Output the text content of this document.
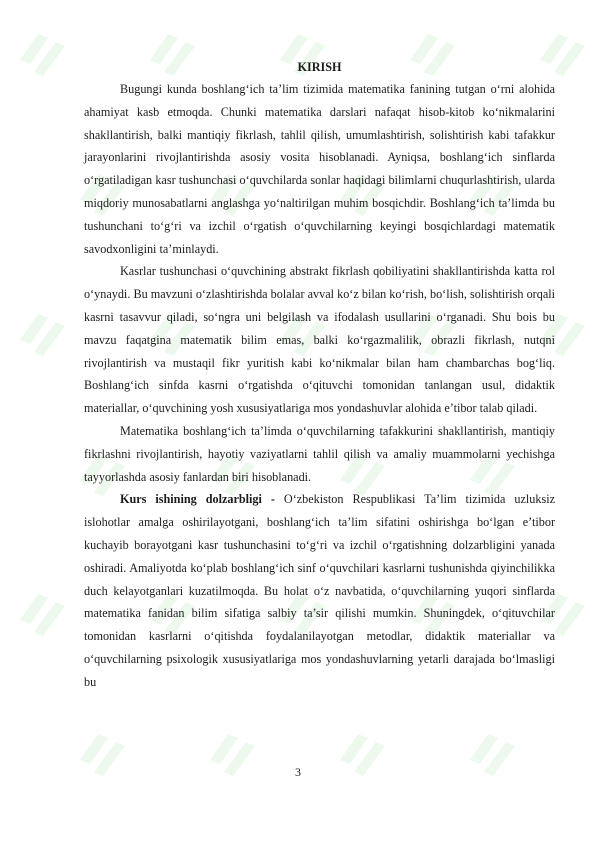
KIRISH

Bugungi kunda boshlang‘ich ta’lim tizimida matematika fanining tutgan o‘rni alohida ahamiyat kasb etmoqda. Chunki matematika darslari nafaqat hisob-kitob ko‘nikmalarini shakllantirish, balki mantiqiy fikrlash, tahlil qilish, umumlashtirish, solishtirish kabi tafakkur jarayonlarini rivojlantirishda asosiy vosita hisoblanadi. Ayniqsa, boshlang‘ich sinflarda o‘rgatiladigan kasr tushunchasi o‘quvchilarda sonlar haqidagi bilimlarni chuqurlashtirish, ularda miqdoriy munosabatlarni anglashga yo‘naltirilgan muhim bosqichdir. Boshlang‘ich ta’limda bu tushunchani to‘g‘ri va izchil o‘rgatish o‘quvchilarning keyingi bosqichlardagi matematik savodxonligini ta’minlaydi.

Kasrlar tushunchasi o‘quvchining abstrakt fikrlash qobiliyatini shakllantirishda katta rol o‘ynaydi. Bu mavzuni o‘zlashtirishda bolalar avval ko‘z bilan ko‘rish, bo‘lish, solishtirish orqali kasrni tasavvur qiladi, so‘ngra uni belgilash va ifodalash usullarini o‘rganadi. Shu bois bu mavzu faqatgina matematik bilim emas, balki ko‘rgazmalilik, obrazli fikrlash, nutqni rivojlantirish va mustaqil fikr yuritish kabi ko‘nikmalar bilan ham chambarchas bog‘liq. Boshlang‘ich sinfda kasrni o‘rgatishda o‘qituvchi tomonidan tanlangan usul, didaktik materiallar, o‘quvchining yosh xususiyatlariga mos yondashuvlar alohida e’tibor talab qiladi.

Matematika boshlang‘ich ta’limda o‘quvchilarning tafakkurini shakllantirish, mantiqiy fikrlashni rivojlantirish, hayotiy vaziyatlarni tahlil qilish va amaliy muammolarni yechishga tayyorlashda asosiy fanlardan biri hisoblanadi.

Kurs ishining dolzarbligi - O‘zbekiston Respublikasi Ta’lim tizimida uzluksiz islohotlar amalga oshirilayotgani, boshlang‘ich ta’lim sifatini oshirishga bo‘lgan e’tibor kuchayib borayotgani kasr tushunchasini to‘g‘ri va izchil o‘rgatishning dolzarbligini yanada oshiradi. Amaliyotda ko‘plab boshlang‘ich sinf o‘quvchilari kasrlarni tushunishda qiyinchilikka duch kelayotganlari kuzatilmoqda. Bu holat o‘z navbatida, o‘quvchilarning yuqori sinflarda matematika fanidan bilim sifatiga salbiy ta’sir qilishi mumkin. Shuningdek, o‘qituvchilar tomonidan kasrlarni o‘qitishda foydalanilayotgan metodlar, didaktik materiallar va o‘quvchilarning psixologik xususiyatlariga mos yondashuvlarning yetarli darajada bo‘lmasligi bu

3
